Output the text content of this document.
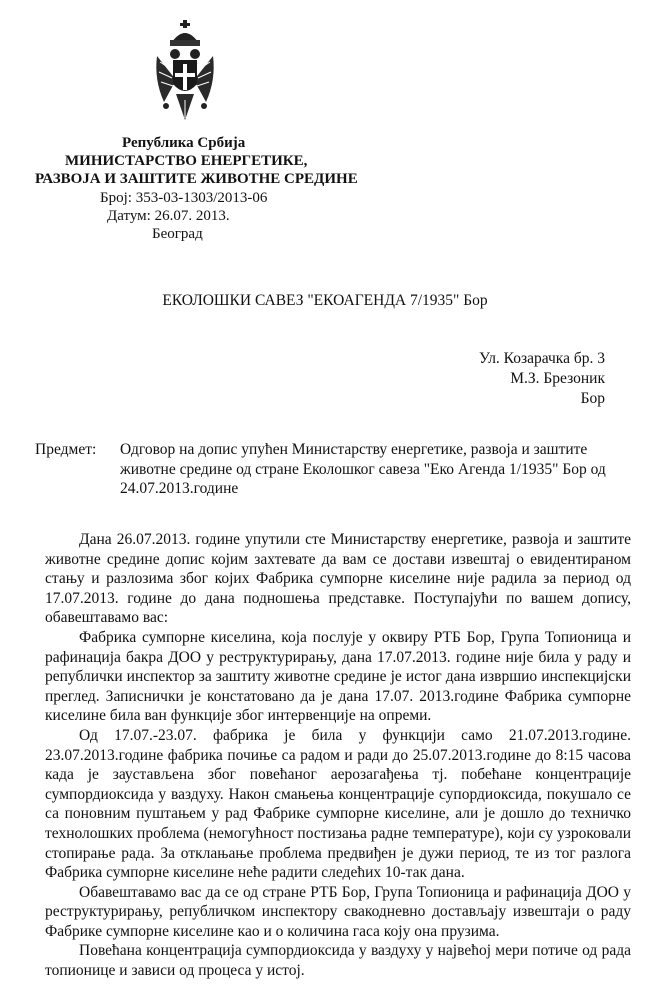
Република Србија
МИНИСТАРСТВО ЕНЕРГЕТИКЕ,
РАЗВОЈА И ЗАШТИТЕ ЖИВОТНЕ СРЕДИНЕ
Број: 353-03-1303/2013-06
Датум: 26.07. 2013.
Београд
ЕКОЛОШКИ САВЕЗ "ЕКОАГЕНДА 7/1935" Бор
Ул. Козарачка бр. 3
М.З. Брезоник
Бор
Предмет: Одговор на допис упућен Министарству енергетике, развоја и заштите животне средине од стране Еколошког савеза "Еко Агенда 1/1935" Бор од 24.07.2013.године

Дана 26.07.2013. године упутили сте Министарству енергетике, развоја и заштите животне средине допис којим захтевате да вам се достави извештај о евидентираном стању и разлозима због којих Фабрика сумпорне киселине није радила за период од 17.07.2013. године до дана подношења представке. Поступајући по вашем допису, обавештавамо вас:

Фабрика сумпорне киселина, која послује у оквиру РТБ Бор, Група Топионица и рафинација бакра ДОО у реструктурирању, дана 17.07.2013. године није била у раду и републички инспектор за заштиту животне средине је истог дана извршио инспекцијски преглед. Записнички је констатовано да је дана 17.07. 2013.године Фабрика сумпорне киселине била ван функције због интервенције на опреми.

Од 17.07.-23.07. фабрика је била у функцији само 21.07.2013.године. 23.07.2013.године фабрика почиње са радом и ради до 25.07.2013.године до 8:15 часова када је заустављена због повећаног аерозагађења тј. побећане концентрације сумпордиоксида у ваздуху. Након смањења концентрације супордиоксида, покушало се са поновним пуштањем у рад Фабрике сумпорне киселине, али је дошло до техничко технолошких проблема (немогућност постизања радне температуре), који су узроковали стопирање рада. За отклањање проблема предвиђен је дужи период, те из тог разлога Фабрика сумпорне киселине неће радити следећих 10-так дана.

Обавештавамо вас да се од стране РТБ Бор, Група Топионица и рафинација ДОО у реструктурирању, републичком инспектору свакодневно достављају извештаји о раду Фабрике сумпорне киселине као и о количина гаса коју она прузима.

Повећана концентрација сумпордиоксида у ваздуху у највећој мери потиче од рада топионице и зависи од процеса у истој.
